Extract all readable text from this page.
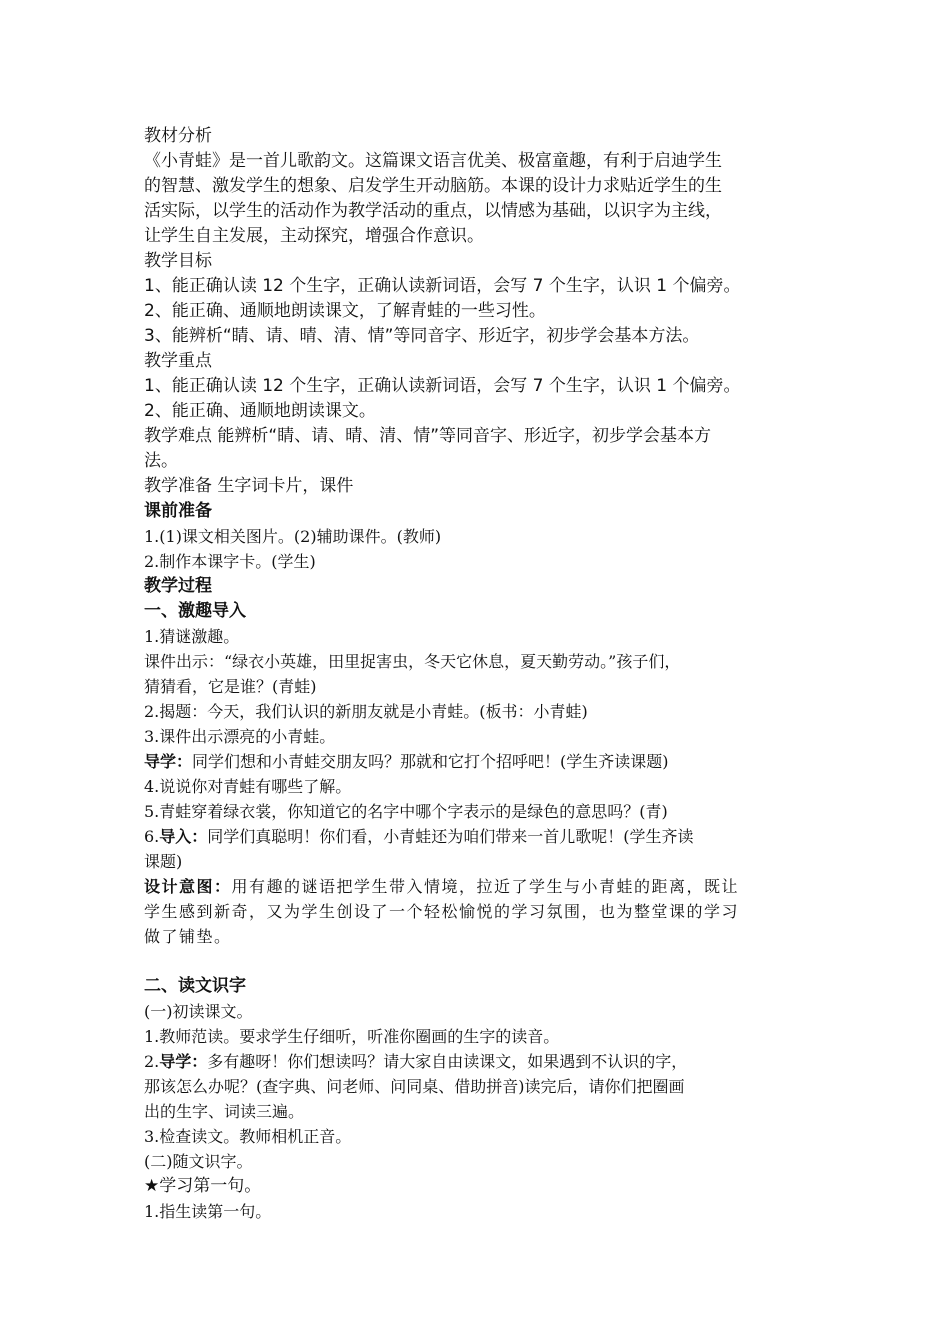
教材分析
《小青蛙》是一首儿歌韵文。这篇课文语言优美、极富童趣，有利于启迪学生
的智慧、激发学生的想象、启发学生开动脑筋。本课的设计力求贴近学生的生
活实际，以学生的活动作为教学活动的重点，以情感为基础，以识字为主线，
让学生自主发展，主动探究，增强合作意识。
教学目标
1、能正确认读 12 个生字，正确认读新词语，会写 7 个生字，认识 1 个偏旁。
2、能正确、通顺地朗读课文，了解青蛙的一些习性。
3、能辨析“睛、请、晴、清、情”等同音字、形近字，初步学会基本方法。
教学重点
1、能正确认读 12 个生字，正确认读新词语，会写 7 个生字，认识 1 个偏旁。
2、能正确、通顺地朗读课文。
教学难点 能辨析“睛、请、晴、清、情”等同音字、形近字，初步学会基本方
法。
教学准备 生字词卡片，课件
课前准备
1.(1)课文相关图片。(2)辅助课件。(教师)
2.制作本课字卡。(学生)
教学过程
一、激趣导入
1.猜谜激趣。
课件出示：“绿衣小英雄，田里捉害虫，冬天它休息，夏天勤劳动。”孩子们，
猜猜看，它是谁？(青蛙)
2.揭题：今天，我们认识的新朋友就是小青蛙。(板书：小青蛙)
3.课件出示漂亮的小青蛙。
导学：同学们想和小青蛙交朋友吗？那就和它打个招呼吧！(学生齐读课题)
4.说说你对青蛙有哪些了解。
5.青蛙穿着绿衣裳，你知道它的名字中哪个字表示的是绿色的意思吗？(青)
6.导入：同学们真聪明！你们看，小青蛙还为咱们带来一首儿歌呢！(学生齐读
课题)
设计意图：用有趣的谜语把学生带入情境，拉近了学生与小青蛙的距离，既让
学生感到新奇，又为学生创设了一个轻松愉悦的学习氛围，也为整堂课的学习
做了铺垫。
二、读文识字
(一)初读课文。
1.教师范读。要求学生仔细听，听准你圈画的生字的读音。
2.导学：多有趣呀！你们想读吗？请大家自由读课文，如果遇到不认识的字，
那该怎么办呢？(查字典、问老师、问同桌、借助拼音)读完后，请你们把圈画
出的生字、词读三遍。
3.检查读文。教师相机正音。
(二)随文识字。
★学习第一句。
1.指生读第一句。
